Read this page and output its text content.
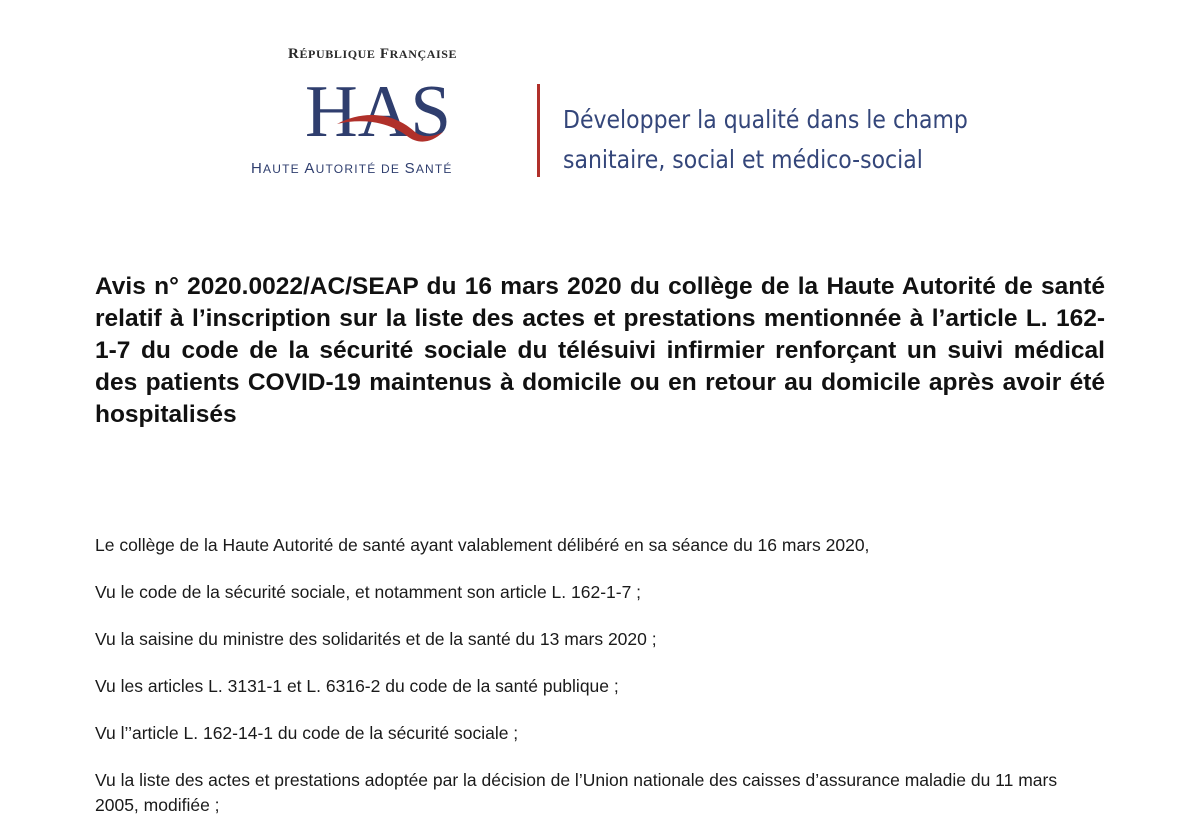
RÉPUBLIQUE FRANÇAISE
HAS
HAUTE AUTORITÉ DE SANTÉ
Développer la qualité dans le champ
sanitaire, social et médico-social
Avis n° 2020.0022/AC/SEAP du 16 mars 2020 du collège de la Haute Autorité de santé relatif à l’inscription sur la liste des actes et prestations mentionnée à l’article L. 162-1-7 du code de la sécurité sociale du télésuivi infirmier renforçant un suivi médical des patients COVID-19 maintenus à domicile ou en retour au domicile après avoir été hospitalisés

Le collège de la Haute Autorité de santé ayant valablement délibéré en sa séance du 16 mars 2020,

Vu le code de la sécurité sociale, et notamment son article L. 162-1-7 ;

Vu la saisine du ministre des solidarités et de la santé du 13 mars 2020 ;

Vu les articles L. 3131-1 et L. 6316-2 du code de la santé publique ;

Vu l’’article L. 162-14-1 du code de la sécurité sociale ;

Vu la liste des actes et prestations adoptée par la décision de l’Union nationale des caisses d’assurance maladie du 11 mars 2005, modifiée ;
